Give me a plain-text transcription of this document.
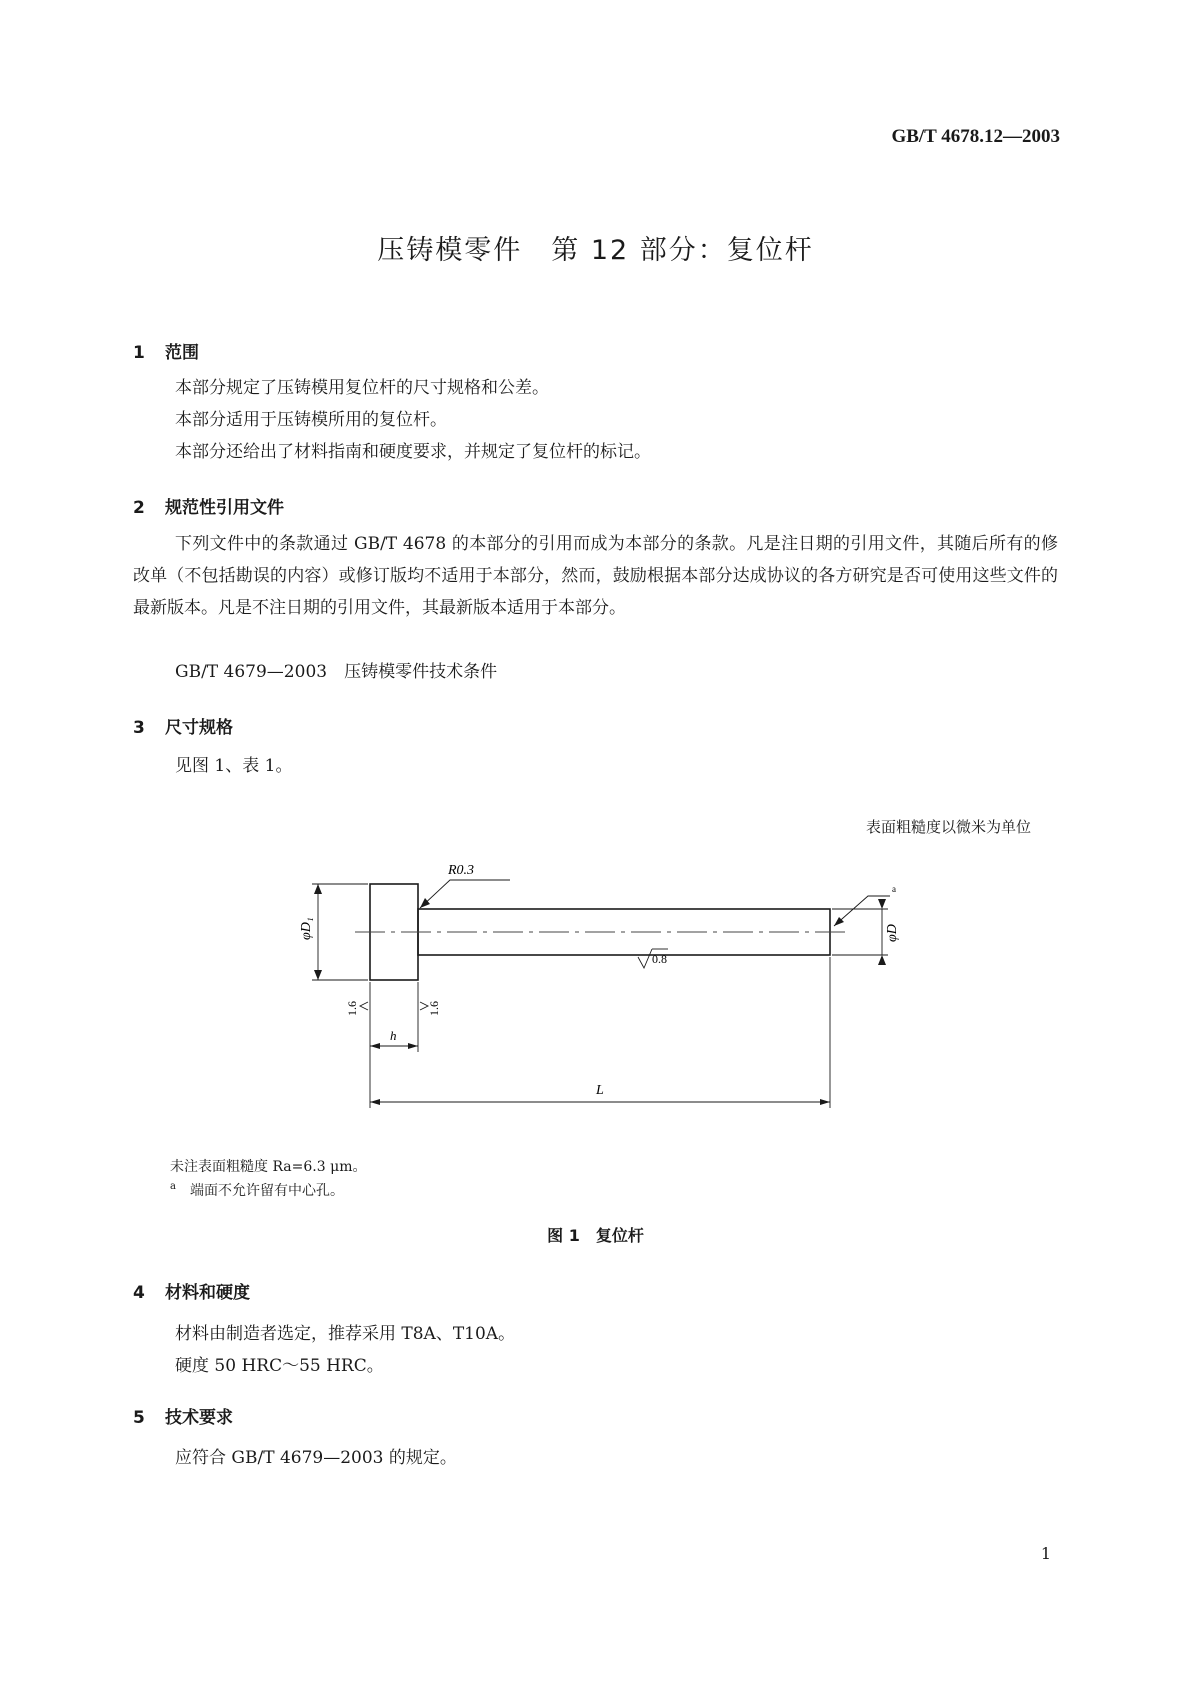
GB/T 4678.12—2003
压铸模零件　第 12 部分：复位杆
1 范围
本部分规定了压铸模用复位杆的尺寸规格和公差。
本部分适用于压铸模所用的复位杆。
本部分还给出了材料指南和硬度要求，并规定了复位杆的标记。
2 规范性引用文件
下列文件中的条款通过 GB/T 4678 的本部分的引用而成为本部分的条款。凡是注日期的引用文件，其随后所有的修改单（不包括勘误的内容）或修订版均不适用于本部分，然而，鼓励根据本部分达成协议的各方研究是否可使用这些文件的最新版本。凡是不注日期的引用文件，其最新版本适用于本部分。
GB/T 4679—2003　压铸模零件技术条件
3 尺寸规格
见图 1、表 1。
表面粗糙度以微米为单位
R0.3
φD₁	φD
h
L
0.8
1.6	1.6
a
未注表面粗糙度 Ra=6.3 μm。
$^a$ 端面不允许留有中心孔。
图 1　复位杆
4 材料和硬度
材料由制造者选定，推荐采用 T8A、T10A。
硬度 50 HRC～55 HRC。
5 技术要求
应符合 GB/T 4679—2003 的规定。
1
